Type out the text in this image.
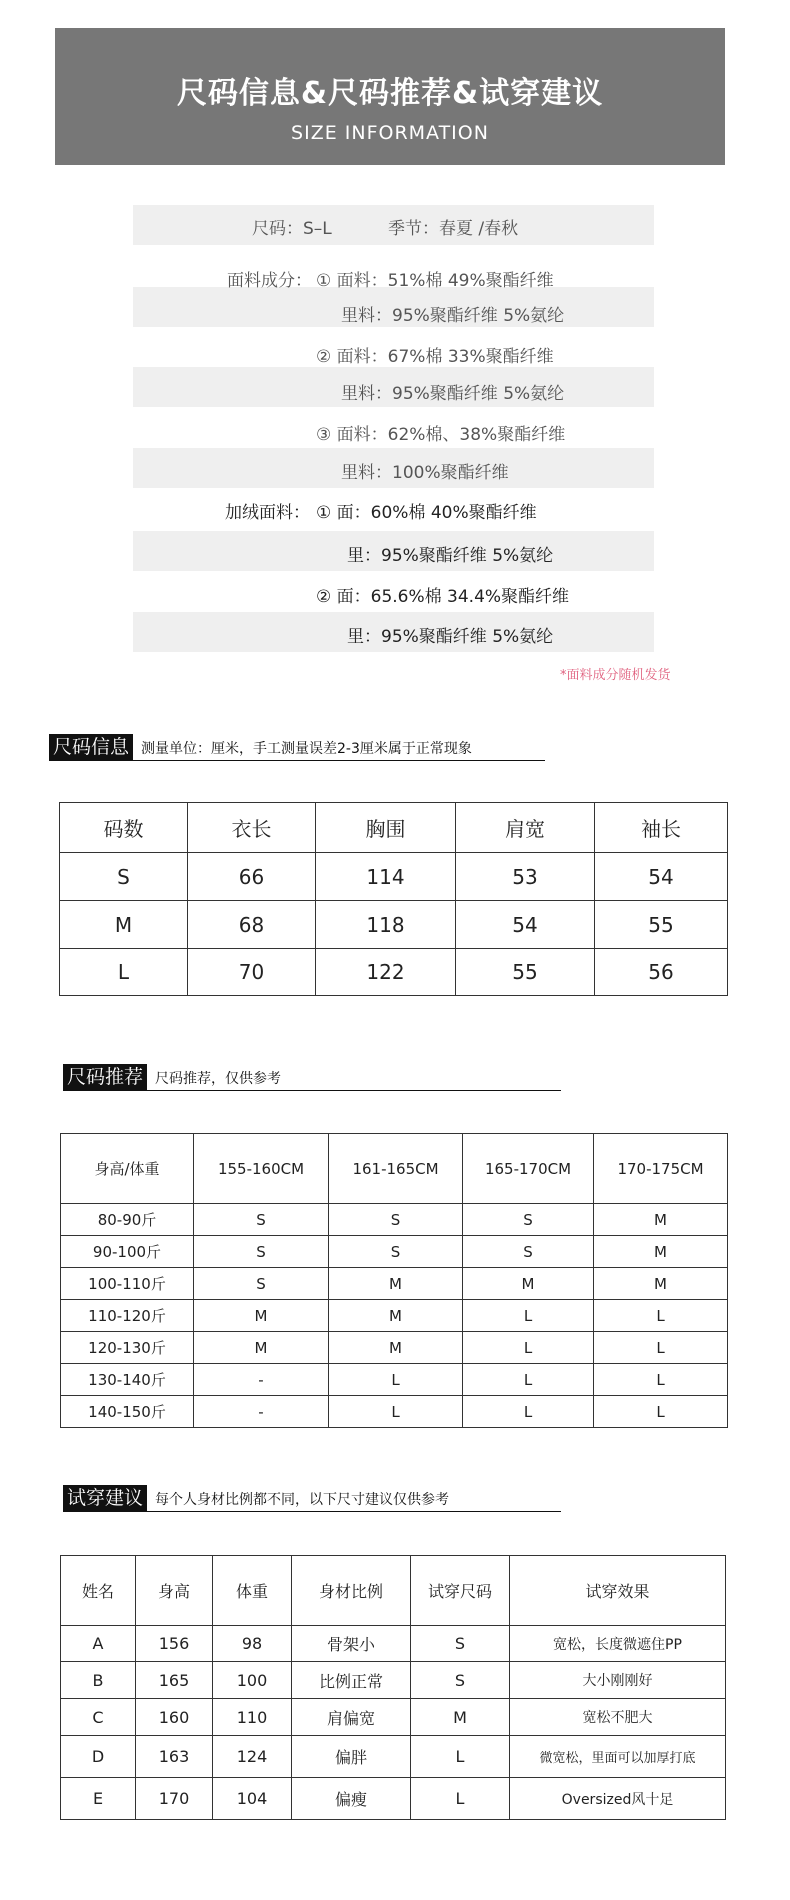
尺码信息&尺码推荐&试穿建议
SIZE INFORMATION
尺码：S–L	季节：春夏 /春秋
面料成分： ① 面料：51%棉 49%聚酯纤维
里料：95%聚酯纤维 5%氨纶
② 面料：67%棉 33%聚酯纤维
里料：95%聚酯纤维 5%氨纶
③ 面料：62%棉、38%聚酯纤维
里料：100%聚酯纤维
加绒面料： ① 面：60%棉 40%聚酯纤维
里：95%聚酯纤维 5%氨纶
② 面：65.6%棉 34.4%聚酯纤维
里：95%聚酯纤维 5%氨纶
*面料成分随机发货
尺码信息 测量单位：厘米，手工测量误差2-3厘米属于正常现象
码数	衣长	胸围	肩宽	袖长
S	66	114	53	54
M	68	118	54	55
L	70	122	55	56
尺码推荐 尺码推荐，仅供参考
身高/体重	155-160CM	161-165CM	165-170CM	170-175CM
80-90斤	S	S	S	M
90-100斤	S	S	S	M
100-110斤	S	M	M	M
110-120斤	M	M	L	L
120-130斤	M	M	L	L
130-140斤	-	L	L	L
140-150斤	-	L	L	L
试穿建议 每个人身材比例都不同，以下尺寸建议仅供参考
姓名	身高	体重	身材比例	试穿尺码	试穿效果
A	156	98	骨架小	S	宽松，长度微遮住PP
B	165	100	比例正常	S	大小刚刚好
C	160	110	肩偏宽	M	宽松不肥大
D	163	124	偏胖	L	微宽松，里面可以加厚打底
E	170	104	偏瘦	L	Oversized风十足
